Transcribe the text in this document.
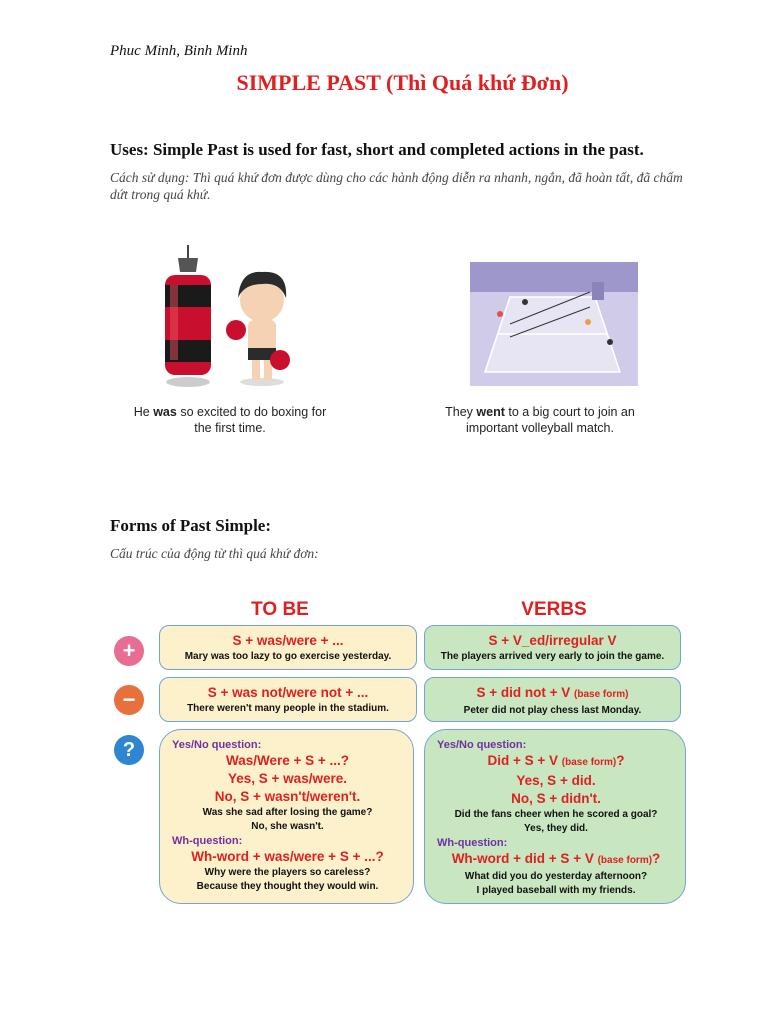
Phuc Minh, Binh Minh
SIMPLE PAST (Thì Quá khứ Đơn)
Uses: Simple Past is used for fast, short and completed actions in the past.
Cách sử dụng: Thì quá khứ đơn được dùng cho các hành động diễn ra nhanh, ngắn, đã hoàn tất, đã chấm dứt trong quá khứ.
He was so excited to do boxing for the first time.
They went to a big court to join an important volleyball match.
Forms of Past Simple:
Cấu trúc của động từ thì quá khứ đơn:
TO BE	VERBS
+
−
?
S + was/were + ...
Mary was too lazy to go exercise yesterday.
S + V_ed/irregular V
The players arrived very early to join the game.
S + was not/were not + ...
There weren't many people in the stadium.
S + did not + V (base form)
Peter did not play chess last Monday.
Yes/No question:
Was/Were + S + ...?
Yes, S + was/were.
No, S + wasn't/weren't.
Was she sad after losing the game?
No, she wasn't.
Wh-question:
Wh-word + was/were + S + ...?
Why were the players so careless?
Because they thought they would win.
Yes/No question:
Did + S + V (base form)?
Yes, S + did.
No, S + didn't.
Did the fans cheer when he scored a goal?
Yes, they did.
Wh-question:
Wh-word + did + S + V (base form)?
What did you do yesterday afternoon?
I played baseball with my friends.
